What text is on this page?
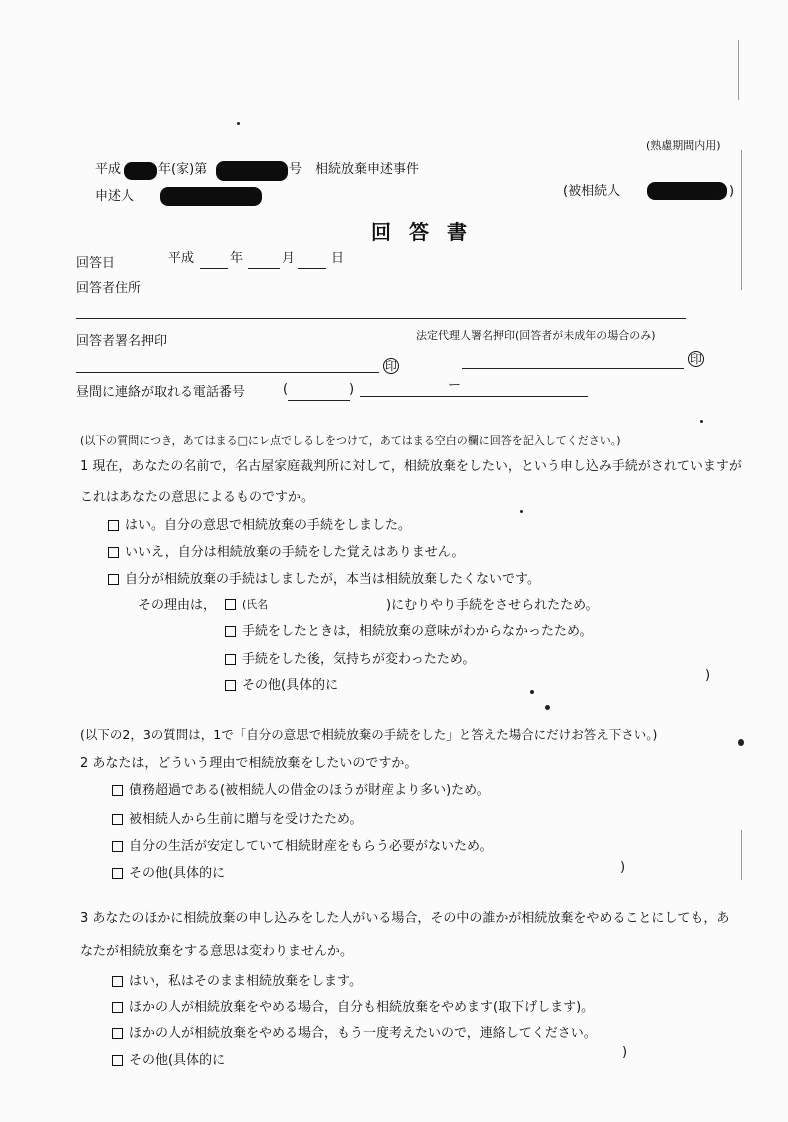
(熟慮期間内用)
平成	年(家)第	号　相続放棄申述事件
申述人	(被相続人	)
回答書
回答日	平成	年	月	日
回答者住所
回答者署名押印	法定代理人署名押印(回答者が未成年の場合のみ)
印	印
昼間に連絡が取れる電話番号	(	)	ー
(以下の質問につき，あてはまる□にレ点でしるしをつけて，あてはまる空白の欄に回答を記入してください。)
1 現在，あなたの名前で，名古屋家庭裁判所に対して，相続放棄をしたい，という申し込み手続がされていますが
これはあなたの意思によるものですか。
はい。自分の意思で相続放棄の手続をしました。
いいえ，自分は相続放棄の手続をした覚えはありません。
自分が相続放棄の手続はしましたが，本当は相続放棄したくないです。
その理由は， (氏名	)にむりやり手続をさせられたため。
手続をしたときは，相続放棄の意味がわからなかったため。
手続をした後，気持ちが変わったため。
その他(具体的に
)
(以下の2，3の質問は，1で「自分の意思で相続放棄の手続をした」と答えた場合にだけお答え下さい。)
2 あなたは，どういう理由で相続放棄をしたいのですか。
債務超過である(被相続人の借金のほうが財産より多い)ため。
被相続人から生前に贈与を受けたため。
自分の生活が安定していて相続財産をもらう必要がないため。
その他(具体的に	)
3 あなたのほかに相続放棄の申し込みをした人がいる場合，その中の誰かが相続放棄をやめることにしても，あ
なたが相続放棄をする意思は変わりませんか。
はい，私はそのまま相続放棄をします。
ほかの人が相続放棄をやめる場合，自分も相続放棄をやめます(取下げします)。
ほかの人が相続放棄をやめる場合，もう一度考えたいので，連絡してください。
その他(具体的に
)
